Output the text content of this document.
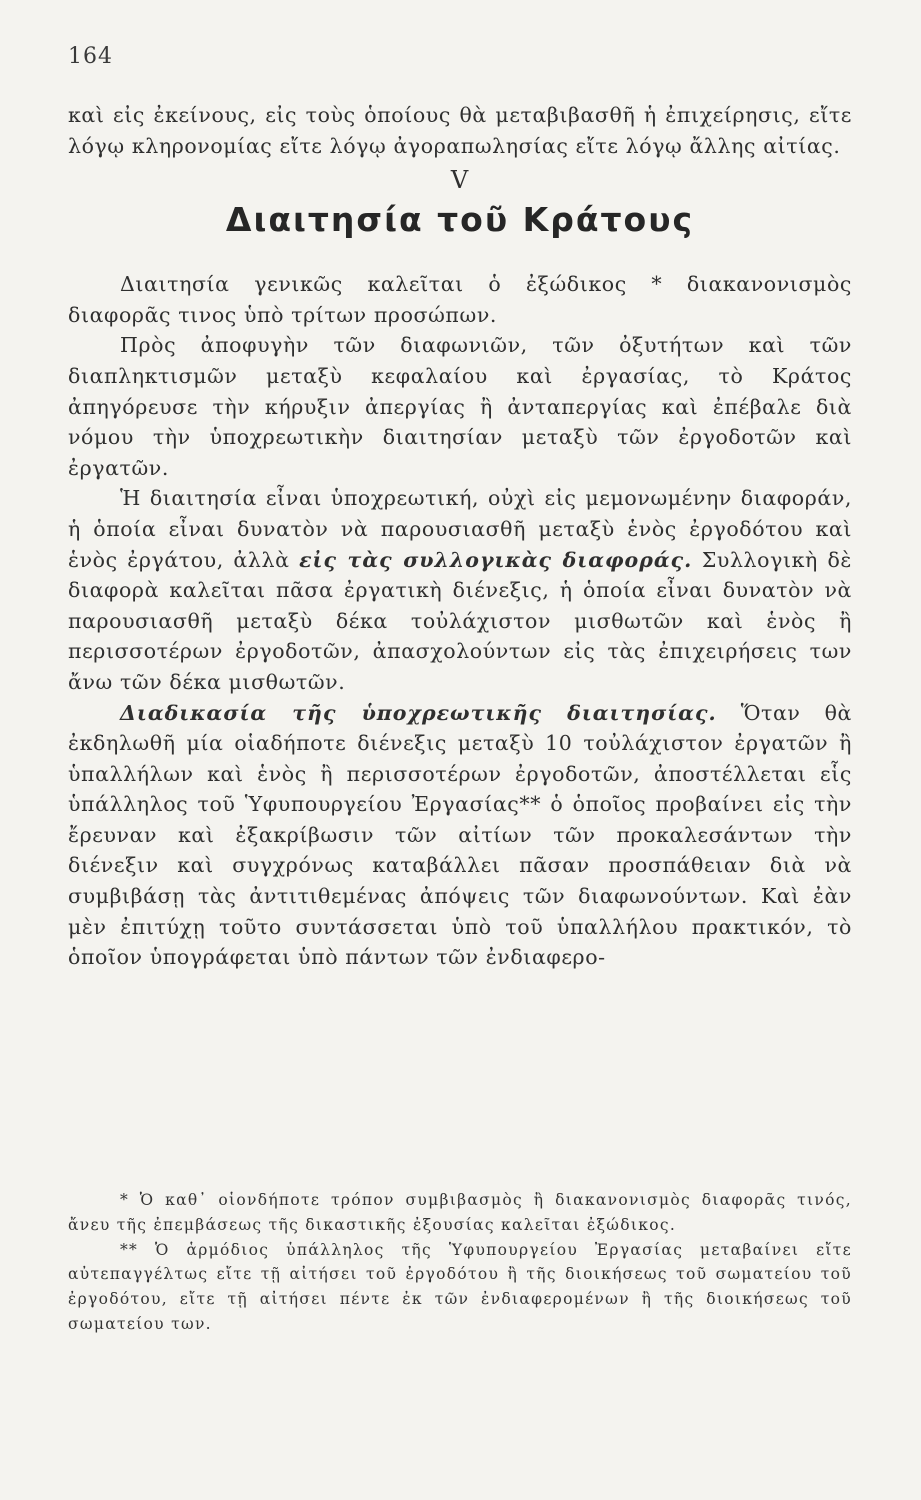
164

καὶ εἰς ἐκείνους, εἰς τοὺς ὁποίους θὰ μεταβιβασθῆ ἡ ἐπιχείρησις, εἴτε λόγῳ κληρονομίας εἴτε λόγῳ ἀγοραπωλησίας εἴτε λόγῳ ἄλλης αἰτίας.

V
Διαιτησία τοῦ Κράτους

Διαιτησία γενικῶς καλεῖται ὁ ἐξώδικος * διακανονισμὸς διαφορᾶς τινος ὑπὸ τρίτων προσώπων.

Πρὸς ἀποφυγὴν τῶν διαφωνιῶν, τῶν ὀξυτήτων καὶ τῶν διαπληκτισμῶν μεταξὺ κεφαλαίου καὶ ἐργασίας, τὸ Κράτος ἀπηγόρευσε τὴν κήρυξιν ἀπεργίας ἢ ἀνταπεργίας καὶ ἐπέβαλε διὰ νόμου τὴν ὑποχρεωτικὴν διαιτησίαν μεταξὺ τῶν ἐργοδοτῶν καὶ ἐργατῶν.

Ἡ διαιτησία εἶναι ὑποχρεωτική, οὐχὶ εἰς μεμονωμένην διαφοράν, ἡ ὁποία εἶναι δυνατὸν νὰ παρουσιασθῆ μεταξὺ ἑνὸς ἐργοδότου καὶ ἑνὸς ἐργάτου, ἀλλὰ εἰς τὰς συλλογικὰς διαφοράς. Συλλογικὴ δὲ διαφορὰ καλεῖται πᾶσα ἐργατικὴ διένεξις, ἡ ὁποία εἶναι δυνατὸν νὰ παρουσιασθῆ μεταξὺ δέκα τοὐλάχιστον μισθωτῶν καὶ ἑνὸς ἢ περισσοτέρων ἐργοδοτῶν, ἀπασχολούντων εἰς τὰς ἐπιχειρήσεις των ἄνω τῶν δέκα μισθωτῶν.

Διαδικασία τῆς ὑποχρεωτικῆς διαιτησίας. Ὅταν θὰ ἐκδηλωθῆ μία οἱαδήποτε διένεξις μεταξὺ 10 τοὐλάχιστον ἐργατῶν ἢ ὑπαλλήλων καὶ ἑνὸς ἢ περισσοτέρων ἐργοδοτῶν, ἀποστέλλεται εἷς ὑπάλληλος τοῦ Ὑφυπουργείου Ἐργασίας** ὁ ὁποῖος προβαίνει εἰς τὴν ἔρευναν καὶ ἐξακρίβωσιν τῶν αἰτίων τῶν προκαλεσάντων τὴν διένεξιν καὶ συγχρόνως καταβάλλει πᾶσαν προσπάθειαν διὰ νὰ συμβιβάσῃ τὰς ἀντιτιθεμένας ἀπόψεις τῶν διαφωνούντων. Καὶ ἐὰν μὲν ἐπιτύχῃ τοῦτο συντάσσεται ὑπὸ τοῦ ὑπαλλήλου πρακτικόν, τὸ ὁποῖον ὑπογράφεται ὑπὸ πάντων τῶν ἐνδιαφερο-

* Ὁ καθ᾽ οἱονδήποτε τρόπον συμβιβασμὸς ἢ διακανονισμὸς διαφορᾶς τινός, ἄνευ τῆς ἐπεμβάσεως τῆς δικαστικῆς ἐξουσίας καλεῖται ἐξώδικος.

** Ὁ ἁρμόδιος ὑπάλληλος τῆς Ὑφυπουργείου Ἐργασίας μεταβαίνει εἴτε αὐτεπαγγέλτως εἴτε τῇ αἰτήσει τοῦ ἐργοδότου ἢ τῆς διοικήσεως τοῦ σωματείου τοῦ ἐργοδότου, εἴτε τῇ αἰτήσει πέντε ἐκ τῶν ἐνδιαφερομένων ἢ τῆς διοικήσεως τοῦ σωματείου των.
